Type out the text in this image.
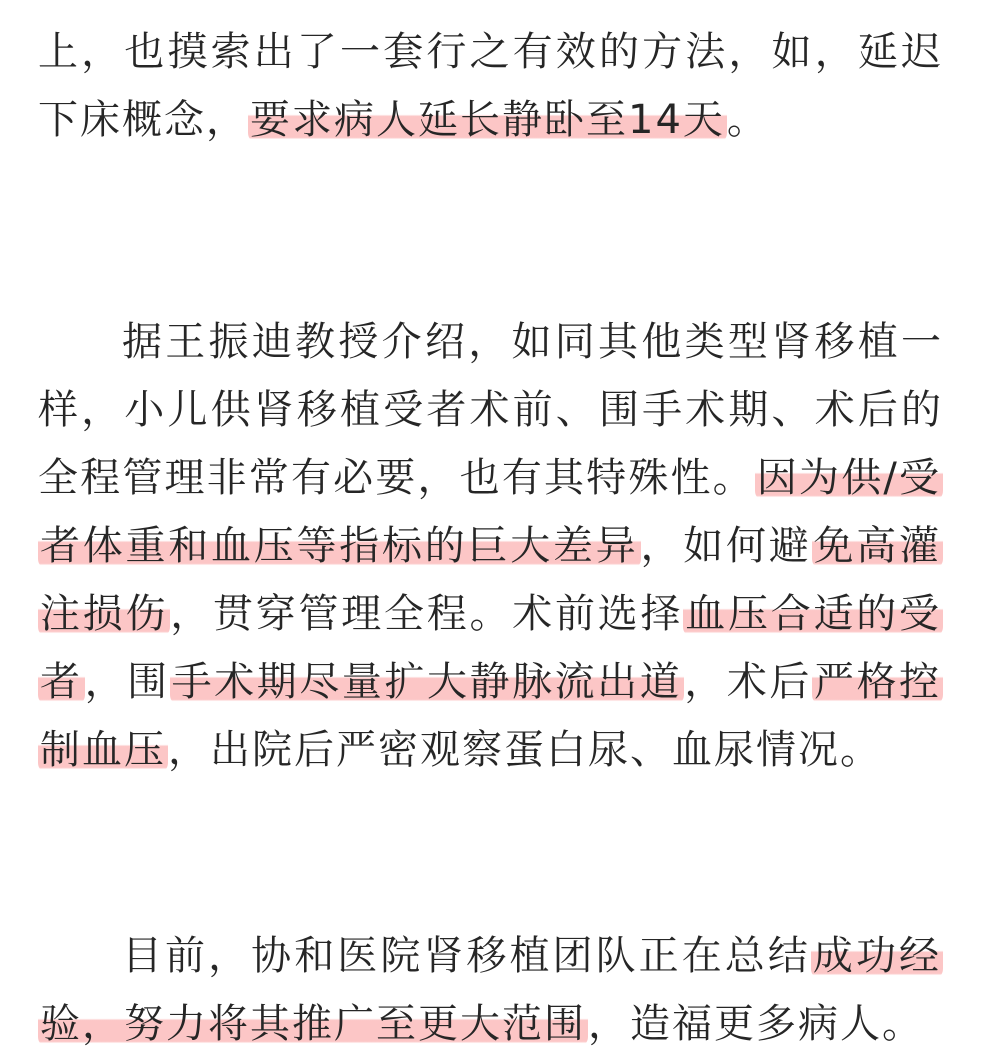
上，也摸索出了一套行之有效的方法，如，延迟下床概念，要求病人延长静卧至14天。

据王振迪教授介绍，如同其他类型肾移植一样，小儿供肾移植受者术前、围手术期、术后的全程管理非常有必要，也有其特殊性。因为供/受者体重和血压等指标的巨大差异，如何避免高灌注损伤，贯穿管理全程。术前选择血压合适的受者，围手术期尽量扩大静脉流出道，术后严格控制血压，出院后严密观察蛋白尿、血尿情况。

目前，协和医院肾移植团队正在总结成功经验，努力将其推广至更大范围，造福更多病人。
